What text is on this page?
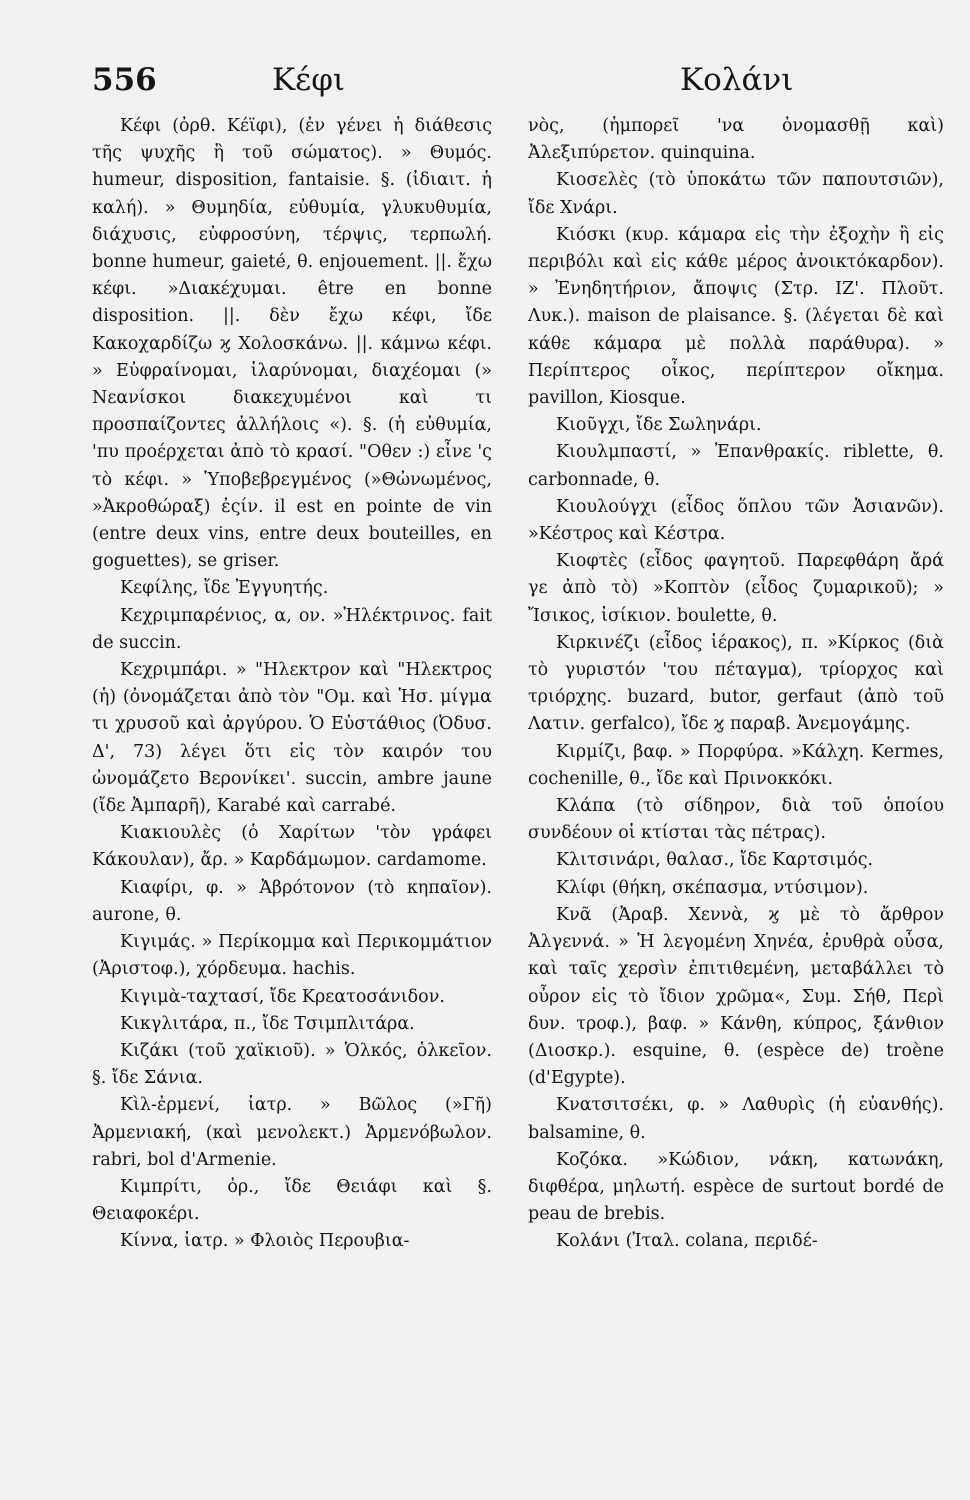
556	Κέφι	Κολάνι

Κέφι (ὀρθ. Κέϊφι), (ἐν γένει ἡ διάθεσις τῆς ψυχῆς ἢ τοῦ σώματος). » Θυμός. humeur, disposition, fantaisie. §. (ἰδιαιτ. ἡ καλή). » Θυμηδία, εὐθυμία, γλυκυθυμία, διάχυσις, εὐφροσύνη, τέρψις, τερπωλή. bonne humeur, gaieté, θ. enjouement. ||. ἔχω κέφι. »Διακέχυμαι. être en bonne disposition. ||. δὲν ἔχω κέφι, ἴδε Κακοχαρδίζω ϗ Χολοσκάνω. ||. κάμνω κέφι. » Εὐφραίνομαι, ἱλαρύνομαι, διαχέομαι (» Νεανίσκοι διακεχυμένοι καὶ τι προσπαίζοντες ἀλλήλοις «). §. (ἡ εὐθυμία, 'πυ προέρχεται ἀπὸ τὸ κρασί. "Οθεν :) εἶνε 'ς τὸ κέφι. » Ὑποβεβρεγμένος (»Θὠνωμένος, »Ἀκροθώραξ) ἐςίν. il est en pointe de vin (entre deux vins, entre deux bouteilles, en goguettes), se griser.

Κεφίλης, ἴδε Ἐγγυητής.

Κεχριμπαρένιος, α, ον. »Ἠλέκτρινος. fait de succin.

Κεχριμπάρι. » "Ηλεκτρον καὶ "Ηλεκτρος (ἡ) (ὀνομάζεται ἀπὸ τὸν "Ομ. καὶ Ἡσ. μίγμα τι χρυσοῦ καὶ ἀργύρου. Ὁ Εὐστάθιος (Ὀδυσ. Δ', 73) λέγει ὅτι εἰς τὸν καιρόν του ὠνομάζετο Βερονίκει'. succin, ambre jaune (ἴδε Ἀμπαρῆ), Karabé καὶ carrabé.

Κιακιουλὲς (ὁ Χαρίτων 'τὸν γράφει Κάκουλαν), ἄρ. » Καρδάμωμον. cardamome.

Κιαφίρι, φ. » Ἀβρότονον (τὸ κηπαῖον). aurone, θ.

Κιγιμάς. » Περίκομμα καὶ Περικομμάτιον (Ἀριστοφ.), χόρδευμα. hachis.

Κιγιμὰ-ταχτασί, ἴδε Κρεατοσάνιδον.

Κικγλιτάρα, π., ἴδε Τσιμπλιτάρα.

Κιζάκι (τοῦ χαϊκιοῦ). » Ὁλκός, ὁλκεῖον. §. ἴδε Σάνια.

Κὶλ-ἐρμενί, ἰατρ. » Βῶλος (»Γῆ) Ἀρμενιακή, (καὶ μενολεκτ.) Ἀρμενόβωλον. rabri, bol d'Armenie.

Κιμπρίτι, ὀρ., ἴδε Θειάφι καὶ §. Θειαφοκέρι.

Κίννα, ἰατρ. » Φλοιὸς Περουβια-

νὸς, (ἡμπορεῖ 'να ὀνομασθῇ καὶ) Ἀλεξιπύρετον. quinquina.

Κιοσελὲς (τὸ ὑποκάτω τῶν παπουτσιῶν), ἴδε Χνάρι.

Κιόσκι (κυρ. κάμαρα εἰς τὴν ἐξοχὴν ἢ εἰς περιβόλι καὶ εἰς κάθε μέρος ἀνοικτόκαρδον). » Ἐνηδητήριον, ἄποψις (Στρ. ΙΖ'. Πλοῦτ. Λυκ.). maison de plaisance. §. (λέγεται δὲ καὶ κάθε κάμαρα μὲ πολλὰ παράθυρα). » Περίπτερος οἶκος, περίπτερον οἴκημα. pavillon, Kiosque.

Κιοῦγχι, ἴδε Σωληνάρι.

Κιουλμπαστί, » Ἐπανθρακίς. riblette, θ. carbonnade, θ.

Κιουλούγχι (εἶδος ὅπλου τῶν Ἀσιανῶν). »Κέστρος καὶ Κέστρα.

Κιοφτὲς (εἶδος φαγητοῦ. Παρεφθάρη ἄρά γε ἀπὸ τὸ) »Κοπτὸν (εἶδος ζυμαρικοῦ); » Ἴσικος, ἰσίκιον. boulette, θ.

Κιρκινέζι (εἶδος ἱέρακος), π. »Κίρκος (διὰ τὸ γυριστόν 'του πέταγμα), τρίορχος καὶ τριόρχης. buzard, butor, gerfaut (ἀπὸ τοῦ Λατιν. gerfalco), ἴδε ϗ παραβ. Ἀνεμογάμης.

Κιρμίζι, βαφ. » Πορφύρα. »Κάλχη. Kermes, cochenille, θ., ἴδε καὶ Πρινοκκόκι.

Κλάπα (τὸ σίδηρον, διὰ τοῦ ὁποίου συνδέουν οἱ κτίσται τὰς πέτρας).

Κλιτσινάρι, θαλασ., ἴδε Καρτσιμός.

Κλίφι (θήκη, σκέπασμα, ντύσιμον).

Κνᾶ (Ἀραβ. Χεννὰ, ϗ μὲ τὸ ἄρθρον Ἀλγεννά. » Ἡ λεγομένη Χηνέα, ἐρυθρὰ οὖσα, καὶ ταῖς χερσὶν ἐπιτιθεμένη, μεταβάλλει τὸ οὖρον εἰς τὸ ἴδιον χρῶμα«, Συμ. Σήθ, Περὶ δυν. τροφ.), βαφ. » Κάνθη, κύπρος, ξάνθιον (Διοσκρ.). esquine, θ. (espèce de) troène (d'Egypte).

Κνατσιτσέκι, φ. » Λαθυρὶς (ἡ εὐανθής). balsamine, θ.

Κοζόκα. »Κώδιον, νάκη, κατωνάκη, διφθέρα, μηλωτή. espèce de surtout bordé de peau de brebis.

Κολάνι (Ἰταλ. colana, περιδέ-
